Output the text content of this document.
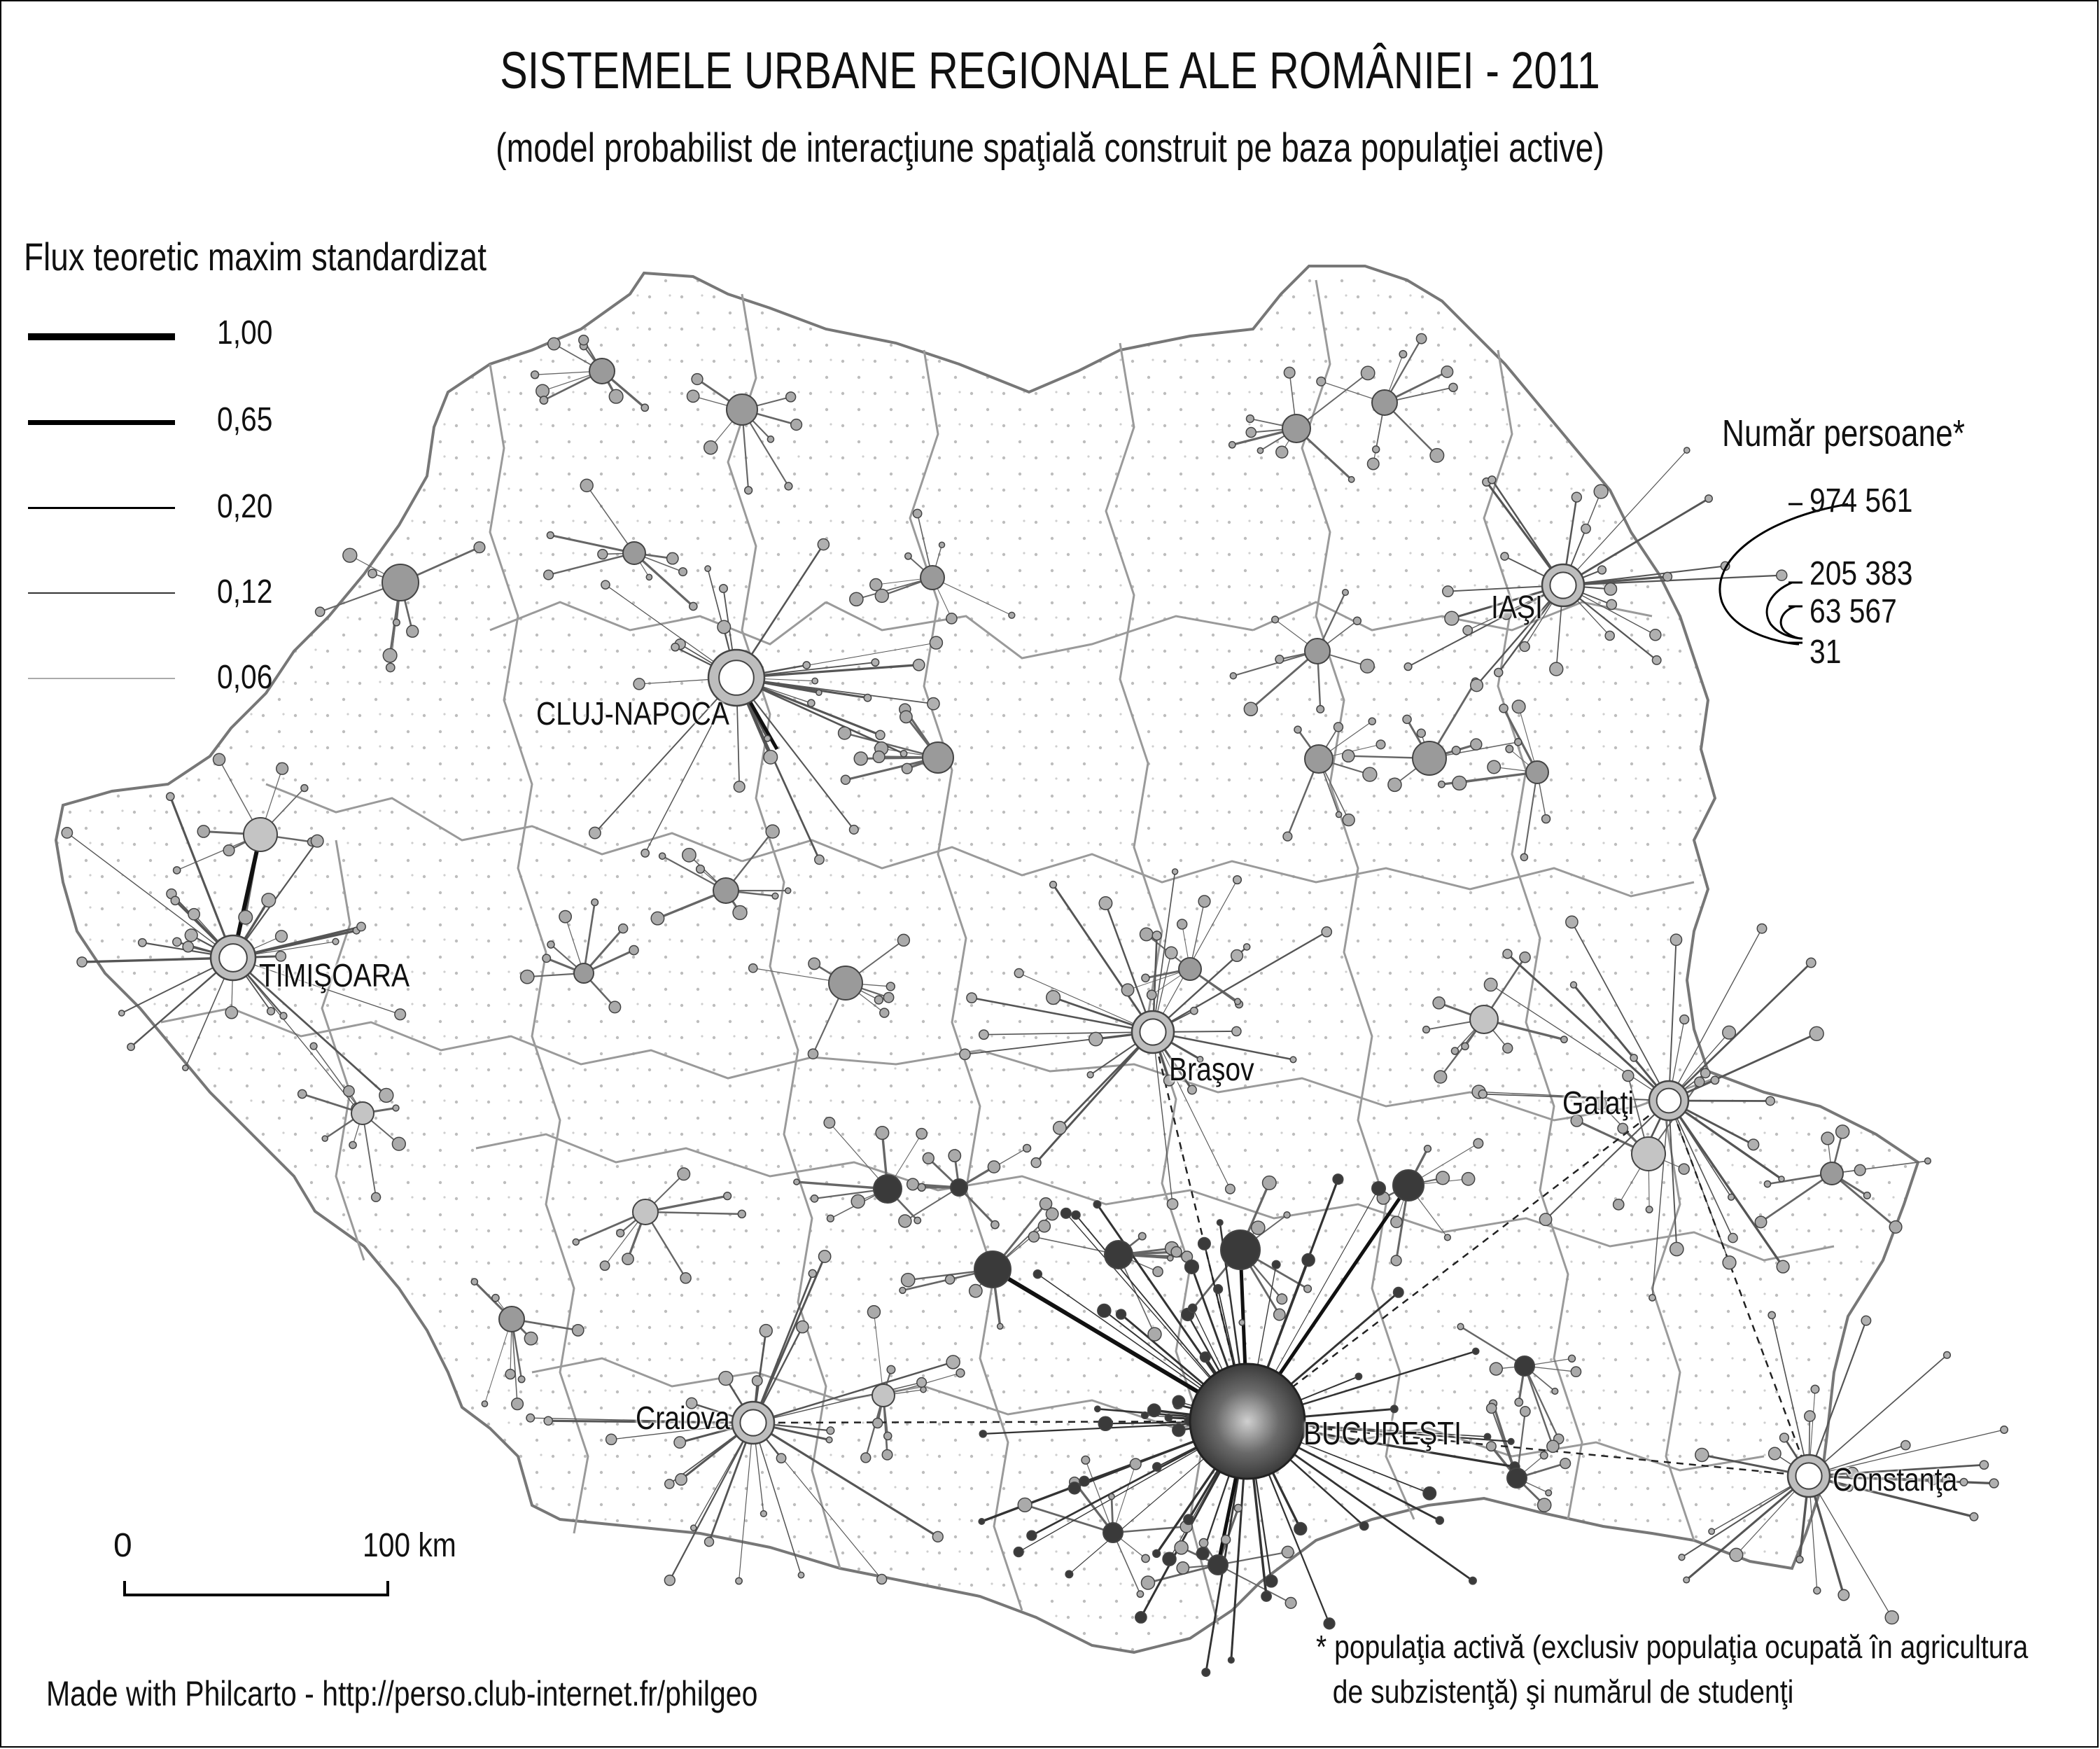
SISTEMELE URBANE REGIONALE ALE ROMÂNIEI - 2011
(model probabilist de interacţiune spaţială construit pe baza populaţiei active)
Flux teoretic maxim standardizat
1,00
0,65
0,20
0,12
0,06
Număr persoane*
974 561
205 383
63 567
31
CLUJ-NAPOCA
IAŞI
TIMIŞOARA
Braşov
Galaţi
Craiova	BUCUREŞTI
Constanţa
0	100 km
Made with Philcarto - http://perso.club-internet.fr/philgeo
* populaţia activă (exclusiv populaţia ocupată în agricultura
de subzistenţă) şi numărul de studenţi
